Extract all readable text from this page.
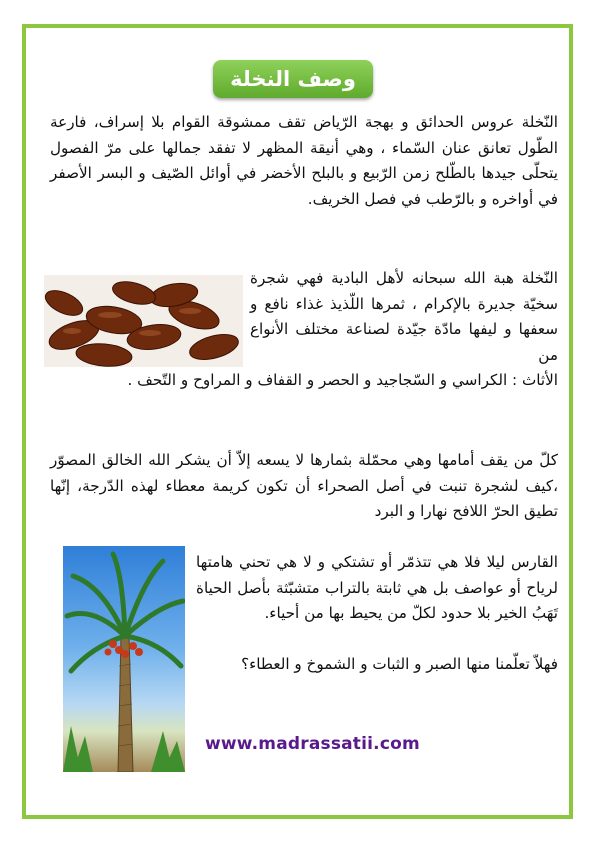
وصف النخلة
النّخلة عروس الحدائق و بهجة الرّياض تقف ممشوقة القوام بلا إسراف، فارعة الطّول تعانق عنان السّماء ، وهي أنيقة المظهر لا تفقد جمالها على مرّ الفصول يتحلّى جيدها بالطّلح زمن الرّبيع و بالبلح الأخضر في أوائل الصّيف و البسر الأصفر في أواخره و بالرّطب في فصل الخريف.
النّخلة هبة الله سبحانه لأهل البادية فهي شجرة سخيّة جديرة بالإكرام ، ثمرها اللّذيذ غذاء نافع و سعفها و ليفها مادّة جيّدة لصناعة مختلف الأنواع من
الأثاث : الكراسي و السّجاجيد و الحصر و القفاف و المراوح و التّحف .
كلّ من يقف أمامها وهي محمّلة بثمارها لا يسعه إلاّ أن يشكر الله الخالق المصوّر ،كيف لشجرة تنبت في أصل الصحراء أن تكون كريمة معطاء لهذه الدّرجة، إنّها تطيق الحرّ اللافح نهارا و البرد
القارس ليلا فلا هي تتذمّر أو تشتكي و لا هي تحني هامتها لرياح أو عواصف بل هي ثابتة بالتراب متشبّثة بأصل الحياة تَهَبُ الخير بلا حدود لكلّ من يحيط بها من أحياء.
فهلاّ تعلّمنا منها الصبر و الثبات و الشموخ و العطاء؟
www.madrassatii.com
